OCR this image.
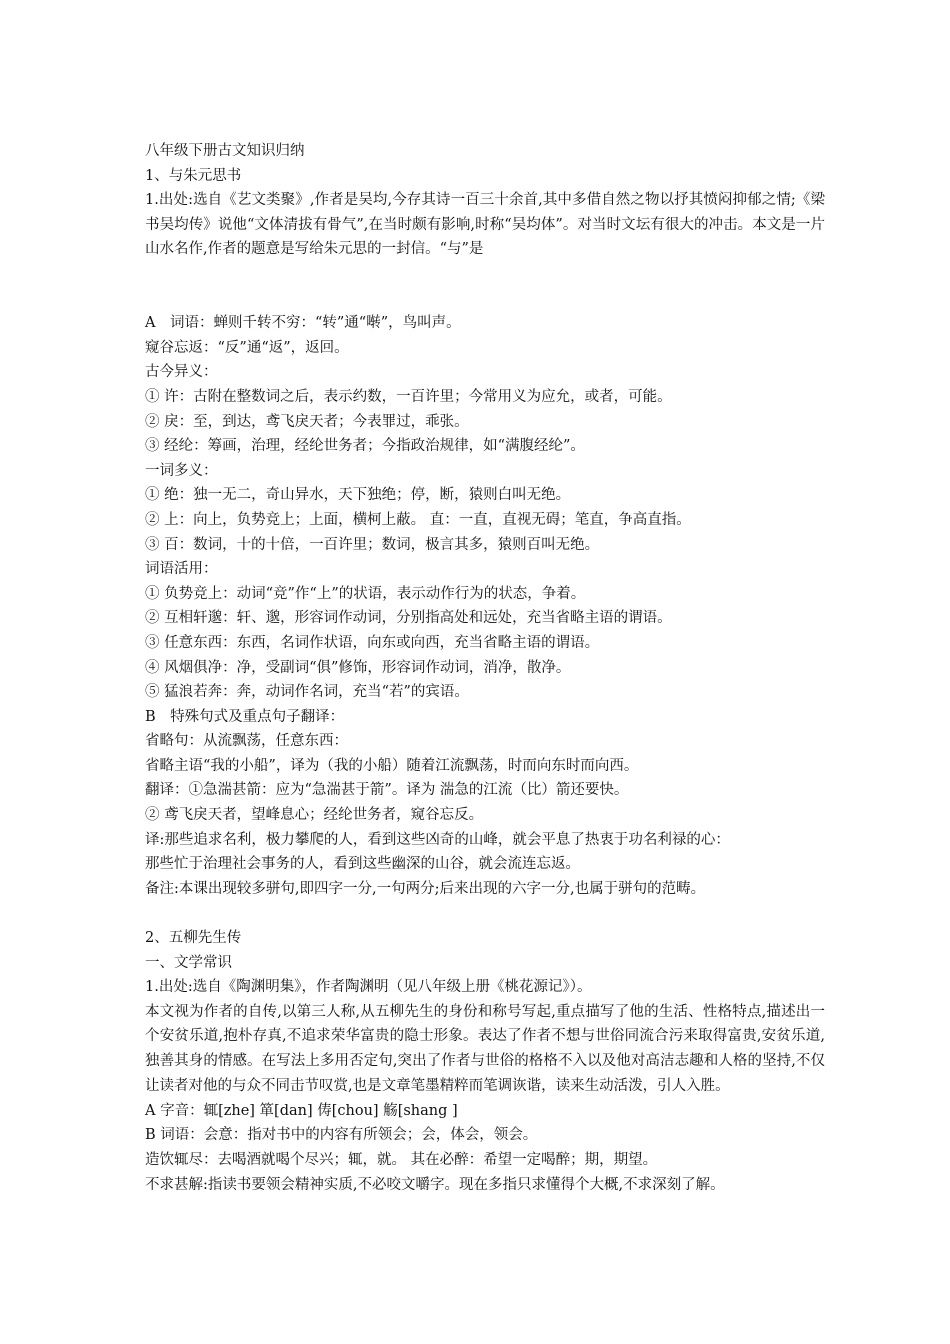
八年级下册古文知识归纳
1、与朱元思书
1.出处:选自《艺文类聚》,作者是吴均,今存其诗一百三十余首,其中多借自然之物以抒其愤闷抑郁之情;《梁书吴均传》说他“文体清拔有骨气”,在当时颇有影响,时称“吴均体”。对当时文坛有很大的冲击。本文是一片山水名作,作者的题意是写给朱元思的一封信。“与”是
A　词语：蝉则千转不穷：“转”通“啭”，鸟叫声。
窥谷忘返：“反”通“返”，返回。
古今异义：
① 许：古附在整数词之后，表示约数，一百许里；今常用义为应允，或者，可能。
② 戾：至，到达，鸢飞戾天者；今表罪过，乖张。
③ 经纶：筹画，治理，经纶世务者；今指政治规律，如“满腹经纶”。
一词多义：
① 绝：独一无二，奇山异水，天下独绝；停，断，猿则白叫无绝。
② 上：向上，负势竞上；上面，横柯上蔽。 直：一直，直视无碍；笔直，争高直指。
③ 百：数词，十的十倍，一百许里；数词，极言其多，猿则百叫无绝。
词语活用：
① 负势竞上：动词“竞”作“上”的状语，表示动作行为的状态，争着。
② 互相轩邈：轩、邈，形容词作动词，分别指高处和远处，充当省略主语的谓语。
③ 任意东西：东西，名词作状语，向东或向西，充当省略主语的谓语。
④ 风烟俱净：净，受副词“俱”修饰，形容词作动词，消净，散净。
⑤ 猛浪若奔：奔，动词作名词，充当“若”的宾语。
B　特殊句式及重点句子翻译：
省略句：从流飘荡，任意东西：
省略主语“我的小船”，译为（我的小船）随着江流飘荡，时而向东时而向西。
翻译：①急湍甚箭：应为“急湍甚于箭”。译为 湍急的江流（比）箭还要快。
② 鸢飞戾天者，望峰息心；经纶世务者，窥谷忘反。
译:那些追求名利，极力攀爬的人，看到这些凶奇的山峰，就会平息了热衷于功名利禄的心：
那些忙于治理社会事务的人，看到这些幽深的山谷，就会流连忘返。
备注:本课出现较多骈句,即四字一分,一句两分;后来出现的六字一分,也属于骈句的范畴。
2、五柳先生传
一、文学常识
1.出处:选自《陶渊明集》，作者陶渊明（见八年级上册《桃花源记》）。
本文视为作者的自传,以第三人称,从五柳先生的身份和称号写起,重点描写了他的生活、性格特点,描述出一个安贫乐道,抱朴存真,不追求荣华富贵的隐士形象。表达了作者不想与世俗同流合污来取得富贵,安贫乐道,独善其身的情感。在写法上多用否定句,突出了作者与世俗的格格不入以及他对高洁志趣和人格的坚持,不仅让读者对他的与众不同击节叹赏,也是文章笔墨精粹而笔调诙谐，读来生动活泼，引人入胜。
A 字音：辄[zhe] 箪[dan] 俦[chou] 觞[shang ]
B 词语：会意：指对书中的内容有所领会；会，体会，领会。
造饮辄尽：去喝酒就喝个尽兴；辄，就。 其在必醉：希望一定喝醉；期，期望。
不求甚解:指读书要领会精神实质,不必咬文嚼字。现在多指只求懂得个大概,不求深刻了解。
